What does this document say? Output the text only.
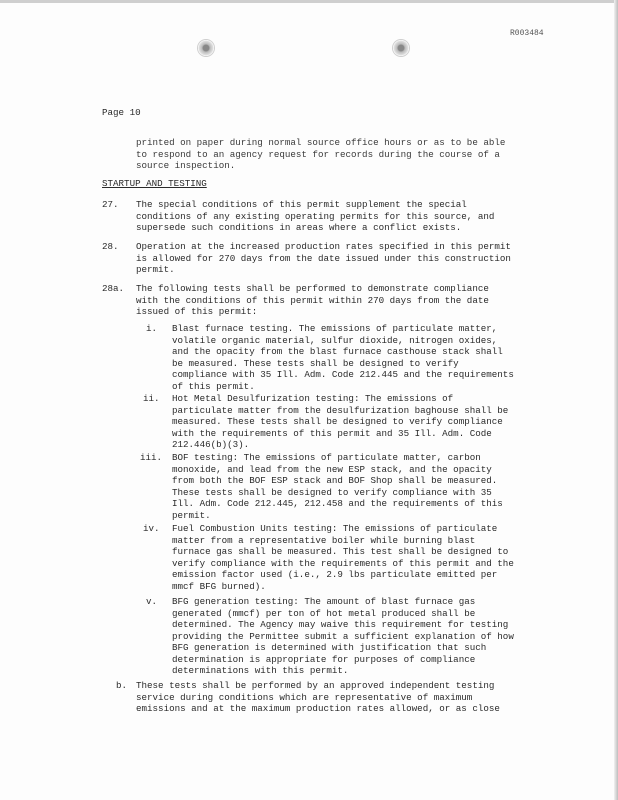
R003484
Page 10
printed on paper during normal source office hours or as to be able
to respond to an agency request for records during the course of a
source inspection.
STARTUP AND TESTING
27. The special conditions of this permit supplement the special
conditions of any existing operating permits for this source, and
supersede such conditions in areas where a conflict exists.
28. Operation at the increased production rates specified in this permit
is allowed for 270 days from the date issued under this construction
permit.
28a. The following tests shall be performed to demonstrate compliance
with the conditions of this permit within 270 days from the date
issued of this permit:
i. Blast furnace testing. The emissions of particulate matter,
volatile organic material, sulfur dioxide, nitrogen oxides,
and the opacity from the blast furnace casthouse stack shall
be measured. These tests shall be designed to verify
compliance with 35 Ill. Adm. Code 212.445 and the requirements
of this permit.
ii. Hot Metal Desulfurization testing: The emissions of
particulate matter from the desulfurization baghouse shall be
measured. These tests shall be designed to verify compliance
with the requirements of this permit and 35 Ill. Adm. Code
212.446(b)(3).
iii. BOF testing: The emissions of particulate matter, carbon
monoxide, and lead from the new ESP stack, and the opacity
from both the BOF ESP stack and BOF Shop shall be measured.
These tests shall be designed to verify compliance with 35
Ill. Adm. Code 212.445, 212.458 and the requirements of this
permit.
iv. Fuel Combustion Units testing: The emissions of particulate
matter from a representative boiler while burning blast
furnace gas shall be measured. This test shall be designed to
verify compliance with the requirements of this permit and the
emission factor used (i.e., 2.9 lbs particulate emitted per
mmcf BFG burned).
v. BFG generation testing: The amount of blast furnace gas
generated (mmcf) per ton of hot metal produced shall be
determined. The Agency may waive this requirement for testing
providing the Permittee submit a sufficient explanation of how
BFG generation is determined with justification that such
determination is appropriate for purposes of compliance
determinations with this permit.
b. These tests shall be performed by an approved independent testing
service during conditions which are representative of maximum
emissions and at the maximum production rates allowed, or as close
